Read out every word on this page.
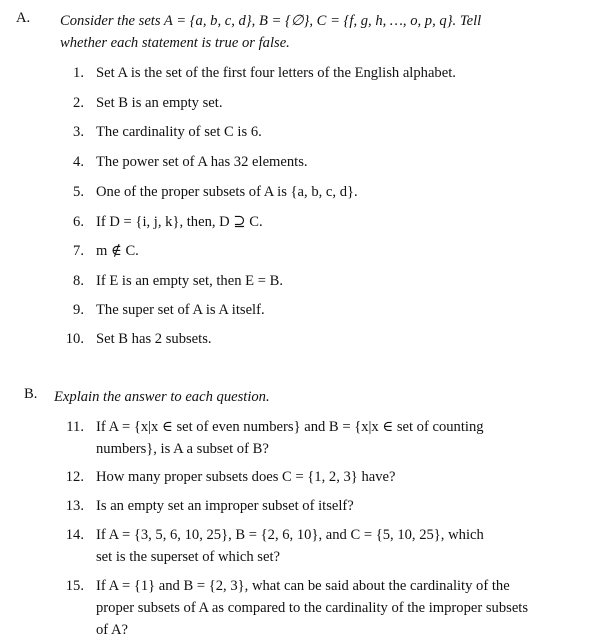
A. Consider the sets A = {a, b, c, d}, B = {∅}, C = {f, g, h, …, o, p, q}. Tell
whether each statement is true or false.
1. Set A is the set of the first four letters of the English alphabet.
2. Set B is an empty set.
3. The cardinality of set C is 6.
4. The power set of A has 32 elements.
5. One of the proper subsets of A is {a, b, c, d}.
6. If D = {i, j, k}, then, D ⊇ C.
7. m ∉ C.
8. If E is an empty set, then E = B.
9. The super set of A is A itself.
10. Set B has 2 subsets.
B. Explain the answer to each question.
11. If A = {x|x ∈ set of even numbers} and B = {x|x ∈ set of counting
numbers}, is A a subset of B?
12. How many proper subsets does C = {1, 2, 3} have?
13. Is an empty set an improper subset of itself?
14. If A = {3, 5, 6, 10, 25}, B = {2, 6, 10}, and C = {5, 10, 25}, which
set is the superset of which set?
15. If A = {1} and B = {2, 3}, what can be said about the cardinality of the
proper subsets of A as compared to the cardinality of the improper subsets
of A?
